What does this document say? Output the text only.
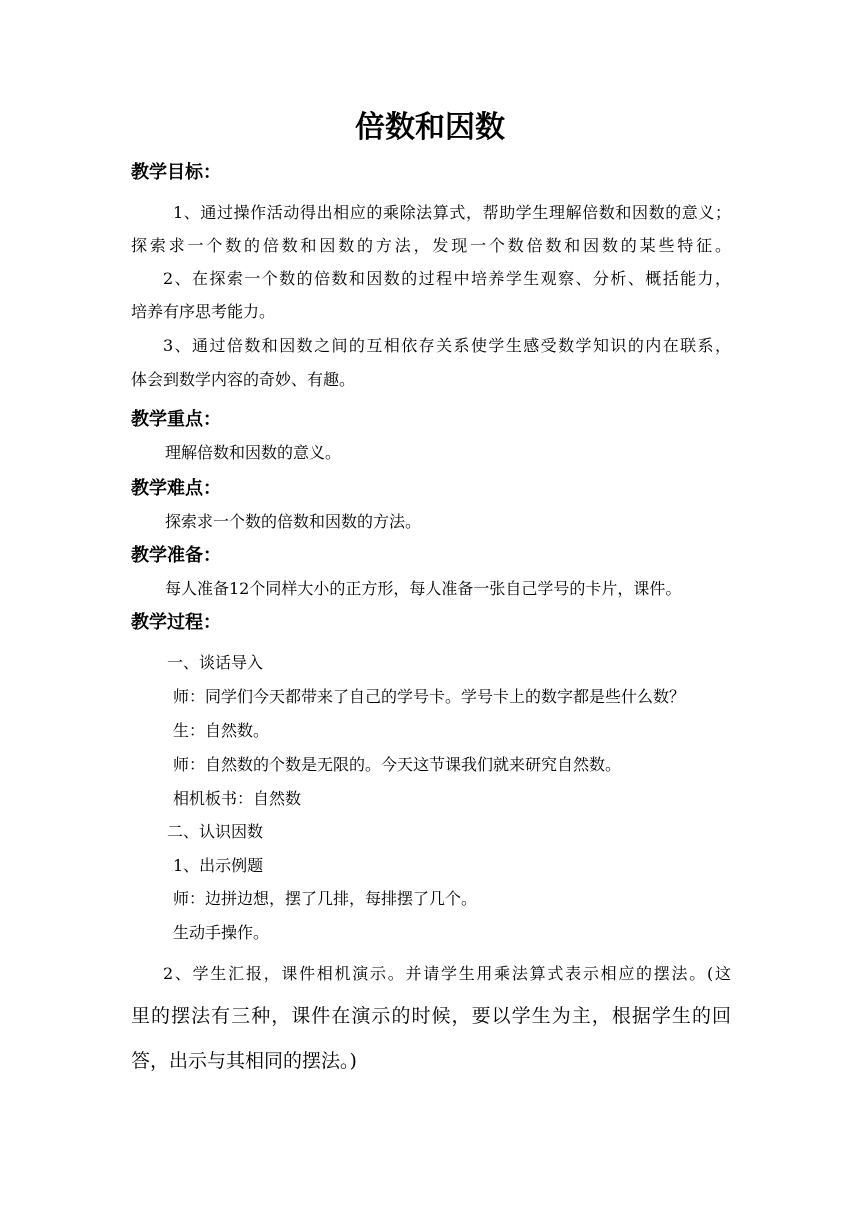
倍数和因数
教学目标：
1、通过操作活动得出相应的乘除法算式，帮助学生理解倍数和因数的意义；
探索求一个数的倍数和因数的方法，发现一个数倍数和因数的某些特征。
2、在探索一个数的倍数和因数的过程中培养学生观察、分析、概括能力，
培养有序思考能力。
3、通过倍数和因数之间的互相依存关系使学生感受数学知识的内在联系，
体会到数学内容的奇妙、有趣。
教学重点：
理解倍数和因数的意义。
教学难点：
探索求一个数的倍数和因数的方法。
教学准备：
每人准备12个同样大小的正方形，每人准备一张自己学号的卡片，课件。
教学过程：
一、谈话导入
师：同学们今天都带来了自己的学号卡。学号卡上的数字都是些什么数？
生：自然数。
师：自然数的个数是无限的。今天这节课我们就来研究自然数。
相机板书：自然数
二、认识因数
1、出示例题
师：边拼边想，摆了几排，每排摆了几个。
生动手操作。
2、学生汇报，课件相机演示。并请学生用乘法算式表示相应的摆法。(这
里的摆法有三种，课件在演示的时候，要以学生为主，根据学生的回
答，出示与其相同的摆法。)
